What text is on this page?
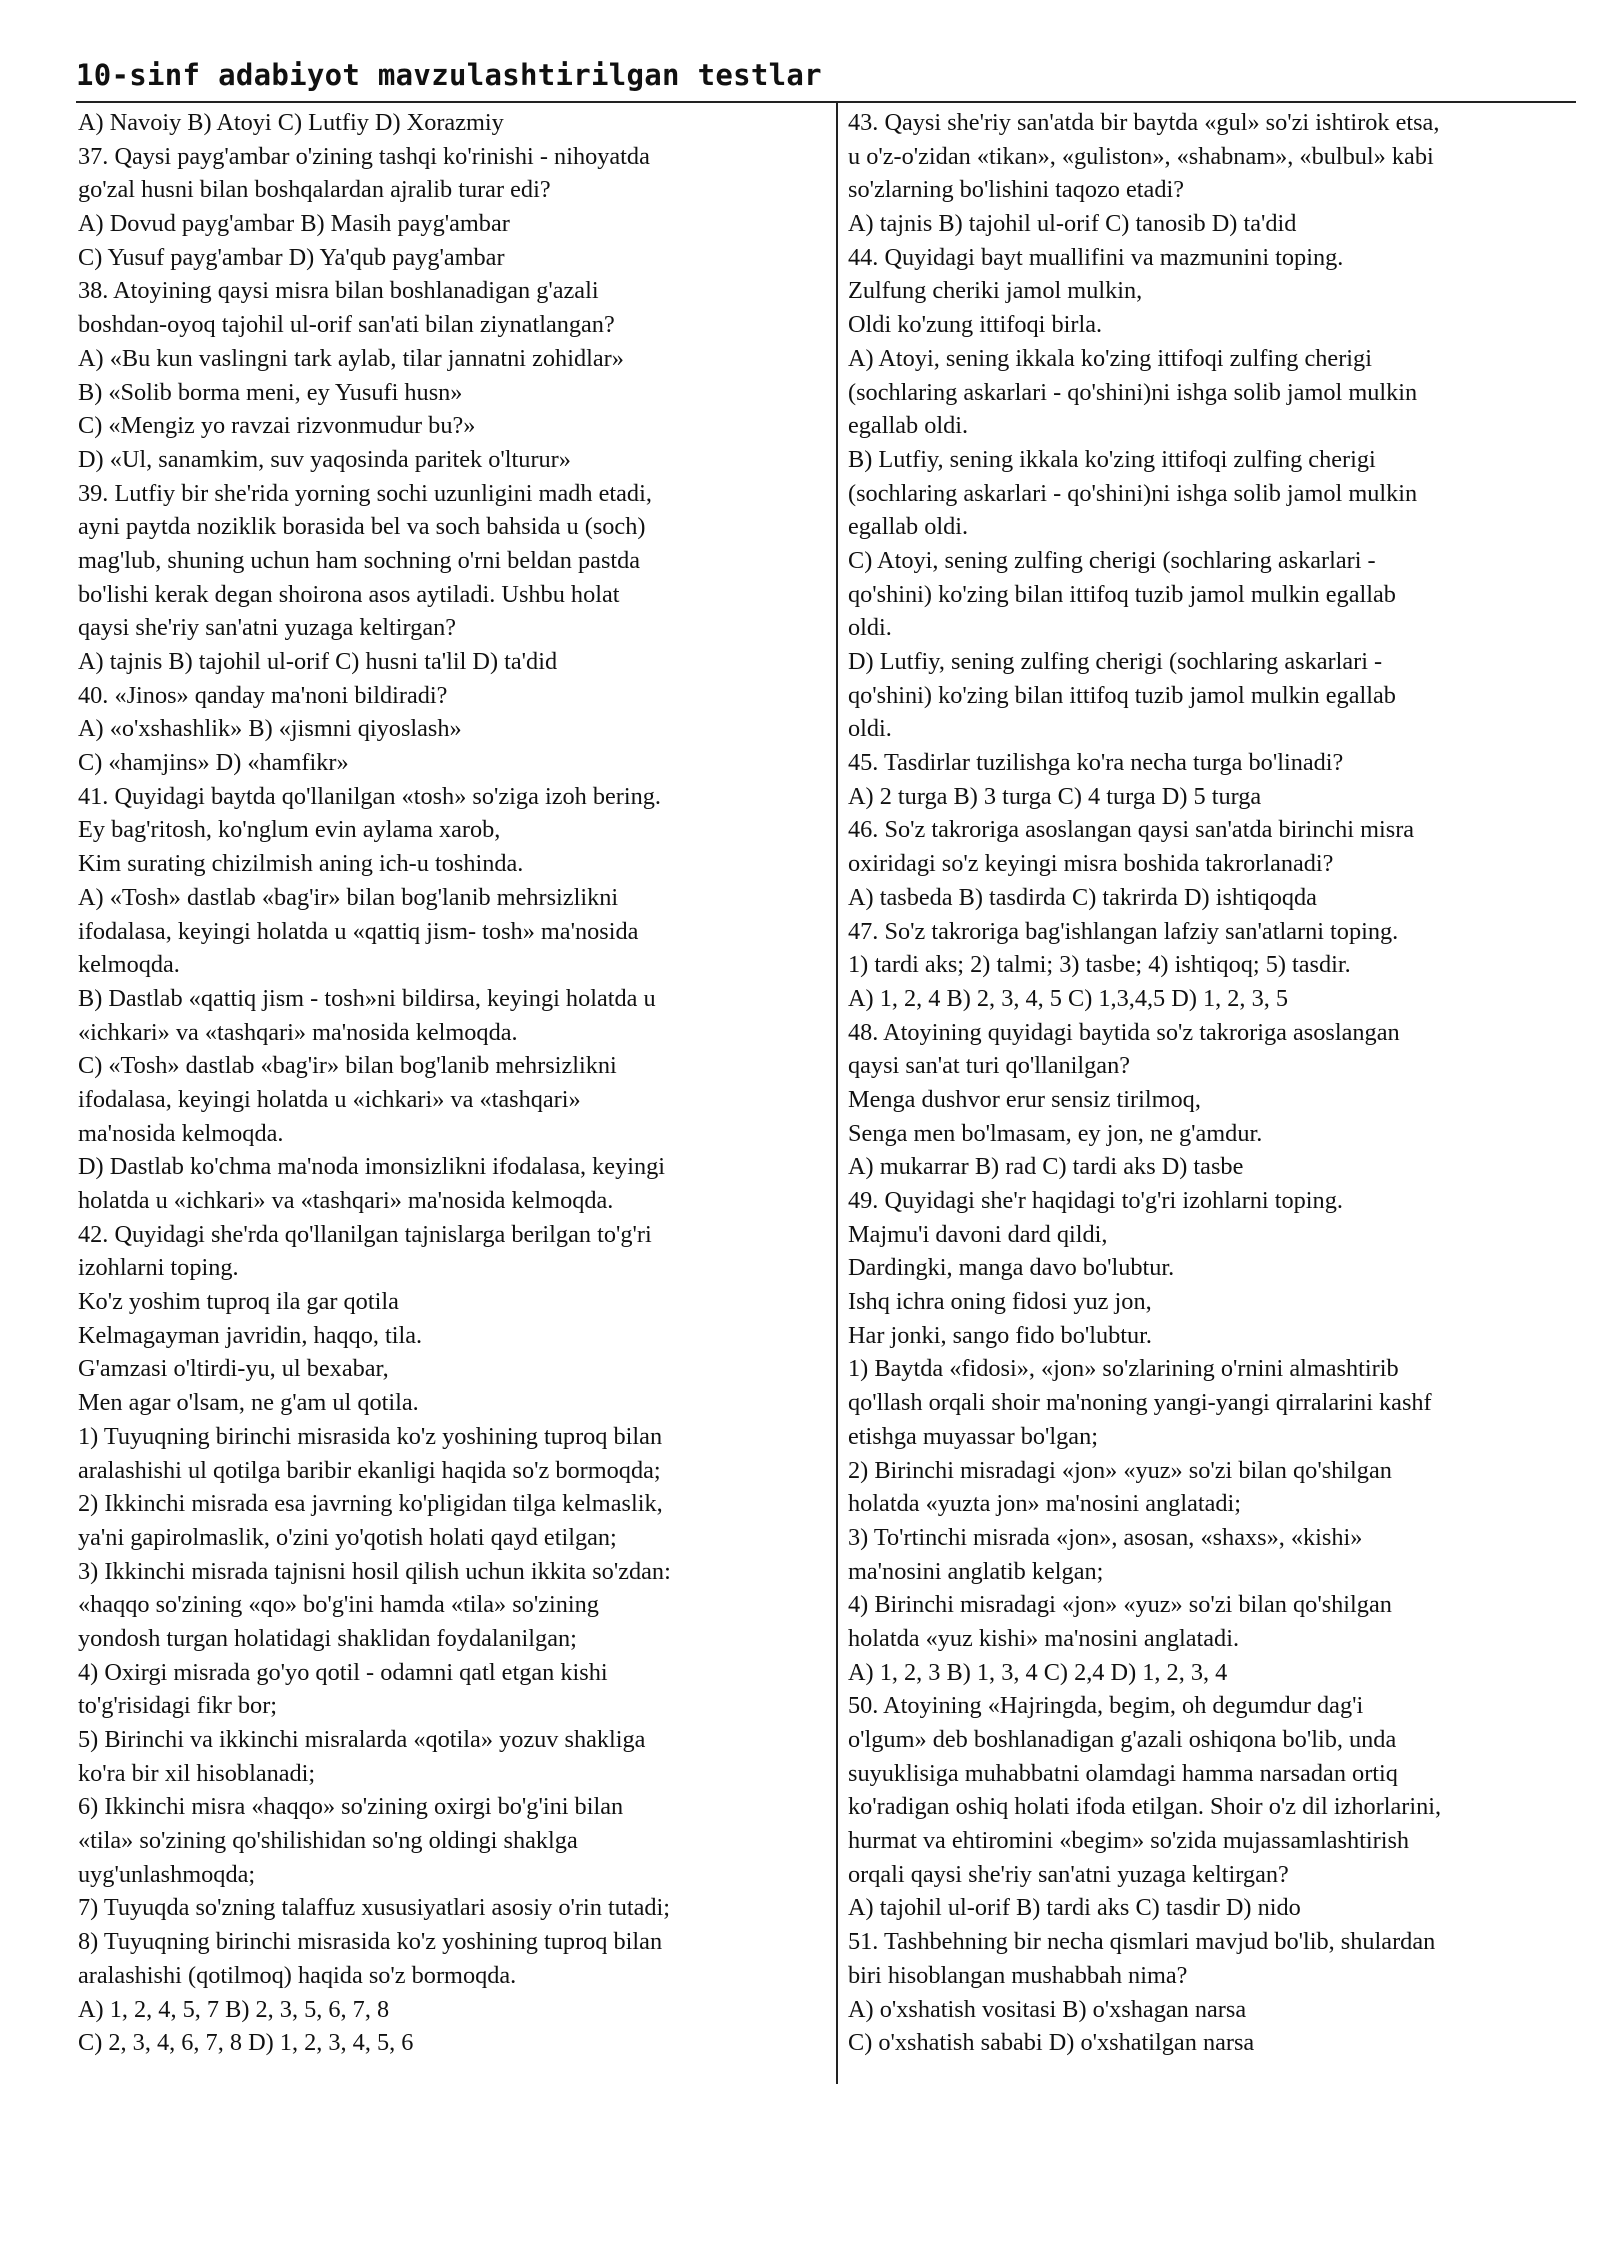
10-sinf adabiyot mavzulashtirilgan testlar
A) Navoiy B) Atoyi C) Lutfiy D) Xorazmiy
37. Qaysi payg'ambar o'zining tashqi ko'rinishi - nihoyatda
go'zal husni bilan boshqalardan ajralib turar edi?
A) Dovud payg'ambar B) Masih payg'ambar
C) Yusuf payg'ambar D) Ya'qub payg'ambar
38. Atoyining qaysi misra bilan boshlanadigan g'azali
boshdan-oyoq tajohil ul-orif san'ati bilan ziynatlangan?
A) «Bu kun vaslingni tark aylab, tilar jannatni zohidlar»
B) «Solib borma meni, ey Yusufi husn»
C) «Mengiz yo ravzai rizvonmudur bu?»
D) «Ul, sanamkim, suv yaqosinda paritek o'lturur»
39. Lutfiy bir she'rida yorning sochi uzunligini madh etadi,
ayni paytda noziklik borasida bel va soch bahsida u (soch)
mag'lub, shuning uchun ham sochning o'rni beldan pastda
bo'lishi kerak degan shoirona asos aytiladi. Ushbu holat
qaysi she'riy san'atni yuzaga keltirgan?
A) tajnis B) tajohil ul-orif C) husni ta'lil D) ta'did
40. «Jinos» qanday ma'noni bildiradi?
A) «o'xshashlik» B) «jismni qiyoslash»
C) «hamjins» D) «hamfikr»
41. Quyidagi baytda qo'llanilgan «tosh» so'ziga izoh bering.
Ey bag'ritosh, ko'nglum evin aylama xarob,
Kim surating chizilmish aning ich-u toshinda.
A) «Tosh» dastlab «bag'ir» bilan bog'lanib mehrsizlikni
ifodalasa, keyingi holatda u «qattiq jism- tosh» ma'nosida
kelmoqda.
B) Dastlab «qattiq jism - tosh»ni bildirsa, keyingi holatda u
«ichkari» va «tashqari» ma'nosida kelmoqda.
C) «Tosh» dastlab «bag'ir» bilan bog'lanib mehrsizlikni
ifodalasa, keyingi holatda u «ichkari» va «tashqari»
ma'nosida kelmoqda.
D) Dastlab ko'chma ma'noda imonsizlikni ifodalasa, keyingi
holatda u «ichkari» va «tashqari» ma'nosida kelmoqda.
42. Quyidagi she'rda qo'llanilgan tajnislarga berilgan to'g'ri
izohlarni toping.
Ko'z yoshim tuproq ila gar qotila
Kelmagayman javridin, haqqo, tila.
G'amzasi o'ltirdi-yu, ul bexabar,
Men agar o'lsam, ne g'am ul qotila.
1) Tuyuqning birinchi misrasida ko'z yoshining tuproq bilan
aralashishi ul qotilga baribir ekanligi haqida so'z bormoqda;
2) Ikkinchi misrada esa javrning ko'pligidan tilga kelmaslik,
ya'ni gapirolmaslik, o'zini yo'qotish holati qayd etilgan;
3) Ikkinchi misrada tajnisni hosil qilish uchun ikkita so'zdan:
«haqqo so'zining «qo» bo'g'ini hamda «tila» so'zining
yondosh turgan holatidagi shaklidan foydalanilgan;
4) Oxirgi misrada go'yo qotil - odamni qatl etgan kishi
to'g'risidagi fikr bor;
5) Birinchi va ikkinchi misralarda «qotila» yozuv shakliga
ko'ra bir xil hisoblanadi;
6) Ikkinchi misra «haqqo» so'zining oxirgi bo'g'ini bilan
«tila» so'zining qo'shilishidan so'ng oldingi shaklga
uyg'unlashmoqda;
7) Tuyuqda so'zning talaffuz xususiyatlari asosiy o'rin tutadi;
8) Tuyuqning birinchi misrasida ko'z yoshining tuproq bilan
aralashishi (qotilmoq) haqida so'z bormoqda.
A) 1, 2, 4, 5, 7 B) 2, 3, 5, 6, 7, 8
C) 2, 3, 4, 6, 7, 8 D) 1, 2, 3, 4, 5, 6
43. Qaysi she'riy san'atda bir baytda «gul» so'zi ishtirok etsa,
u o'z-o'zidan «tikan», «guliston», «shabnam», «bulbul» kabi
so'zlarning bo'lishini taqozo etadi?
A) tajnis B) tajohil ul-orif C) tanosib D) ta'did
44. Quyidagi bayt muallifini va mazmunini toping.
Zulfung cheriki jamol mulkin,
Oldi ko'zung ittifoqi birla.
A) Atoyi, sening ikkala ko'zing ittifoqi zulfing cherigi
(sochlaring askarlari - qo'shini)ni ishga solib jamol mulkin
egallab oldi.
B) Lutfiy, sening ikkala ko'zing ittifoqi zulfing cherigi
(sochlaring askarlari - qo'shini)ni ishga solib jamol mulkin
egallab oldi.
C) Atoyi, sening zulfing cherigi (sochlaring askarlari -
qo'shini) ko'zing bilan ittifoq tuzib jamol mulkin egallab
oldi.
D) Lutfiy, sening zulfing cherigi (sochlaring askarlari -
qo'shini) ko'zing bilan ittifoq tuzib jamol mulkin egallab
oldi.
45. Tasdirlar tuzilishga ko'ra necha turga bo'linadi?
A) 2 turga B) 3 turga C) 4 turga D) 5 turga
46. So'z takroriga asoslangan qaysi san'atda birinchi misra
oxiridagi so'z keyingi misra boshida takrorlanadi?
A) tasbeda B) tasdirda C) takrirda D) ishtiqoqda
47. So'z takroriga bag'ishlangan lafziy san'atlarni toping.
1) tardi aks; 2) talmi; 3) tasbe; 4) ishtiqoq; 5) tasdir.
A) 1, 2, 4 B) 2, 3, 4, 5 C) 1,3,4,5 D) 1, 2, 3, 5
48. Atoyining quyidagi baytida so'z takroriga asoslangan
qaysi san'at turi qo'llanilgan?
Menga dushvor erur sensiz tirilmoq,
Senga men bo'lmasam, ey jon, ne g'amdur.
A) mukarrar B) rad C) tardi aks D) tasbe
49. Quyidagi she'r haqidagi to'g'ri izohlarni toping.
Majmu'i davoni dard qildi,
Dardingki, manga davo bo'lubtur.
Ishq ichra oning fidosi yuz jon,
Har jonki, sango fido bo'lubtur.
1) Baytda «fidosi», «jon» so'zlarining o'rnini almashtirib
qo'llash orqali shoir ma'noning yangi-yangi qirralarini kashf
etishga muyassar bo'lgan;
2) Birinchi misradagi «jon» «yuz» so'zi bilan qo'shilgan
holatda «yuzta jon» ma'nosini anglatadi;
3) To'rtinchi misrada «jon», asosan, «shaxs», «kishi»
ma'nosini anglatib kelgan;
4) Birinchi misradagi «jon» «yuz» so'zi bilan qo'shilgan
holatda «yuz kishi» ma'nosini anglatadi.
A) 1, 2, 3 B) 1, 3, 4 C) 2,4 D) 1, 2, 3, 4
50. Atoyining «Hajringda, begim, oh degumdur dag'i
o'lgum» deb boshlanadigan g'azali oshiqona bo'lib, unda
suyuklisiga muhabbatni olamdagi hamma narsadan ortiq
ko'radigan oshiq holati ifoda etilgan. Shoir o'z dil izhorlarini,
hurmat va ehtiromini «begim» so'zida mujassamlashtirish
orqali qaysi she'riy san'atni yuzaga keltirgan?
A) tajohil ul-orif B) tardi aks C) tasdir D) nido
51. Tashbehning bir necha qismlari mavjud bo'lib, shulardan
biri hisoblangan mushabbah nima?
A) o'xshatish vositasi B) o'xshagan narsa
C) o'xshatish sababi D) o'xshatilgan narsa
